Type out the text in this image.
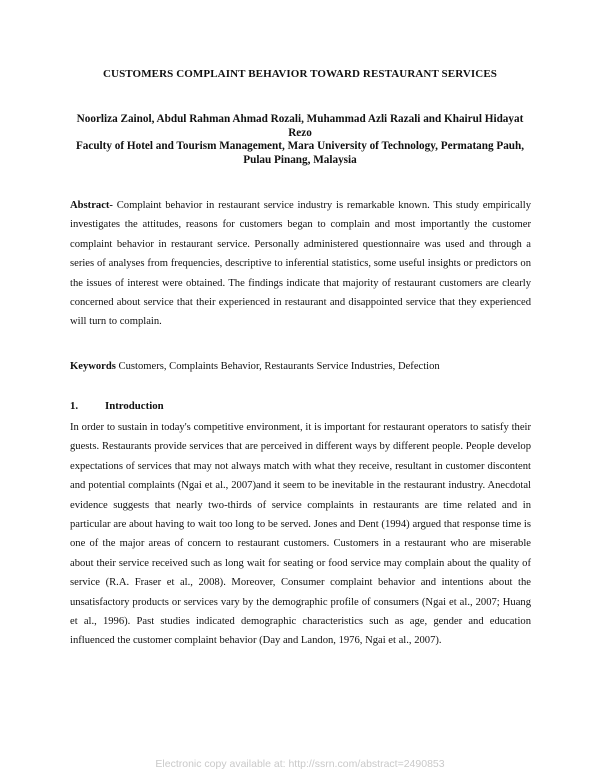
CUSTOMERS COMPLAINT BEHAVIOR TOWARD RESTAURANT SERVICES
Noorliza Zainol, Abdul Rahman Ahmad Rozali, Muhammad Azli Razali and Khairul Hidayat Rezo
Faculty of Hotel and Tourism Management, Mara University of Technology, Permatang Pauh, Pulau Pinang, Malaysia

Abstract- Complaint behavior in restaurant service industry is remarkable known. This study empirically investigates the attitudes, reasons for customers began to complain and most importantly the customer complaint behavior in restaurant service. Personally administered questionnaire was used and through a series of analyses from frequencies, descriptive to inferential statistics, some useful insights or predictors on the issues of interest were obtained. The findings indicate that majority of restaurant customers are clearly concerned about service that their experienced in restaurant and disappointed service that they experienced will turn to complain.

Keywords Customers, Complaints Behavior, Restaurants Service Industries, Defection

1. Introduction

In order to sustain in today's competitive environment, it is important for restaurant operators to satisfy their guests. Restaurants provide services that are perceived in different ways by different people. People develop expectations of services that may not always match with what they receive, resultant in customer discontent and potential complaints (Ngai et al., 2007)and it seem to be inevitable in the restaurant industry. Anecdotal evidence suggests that nearly two-thirds of service complaints in restaurants are time related and in particular are about having to wait too long to be served. Jones and Dent (1994) argued that response time is one of the major areas of concern to restaurant customers. Customers in a restaurant who are miserable about their service received such as long wait for seating or food service may complain about the quality of service (R.A. Fraser et al., 2008). Moreover, Consumer complaint behavior and intentions about the unsatisfactory products or services vary by the demographic profile of consumers (Ngai et al., 2007; Huang et al., 1996). Past studies indicated demographic characteristics such as age, gender and education influenced the customer complaint behavior (Day and Landon, 1976, Ngai et al., 2007).

Electronic copy available at: http://ssrn.com/abstract=2490853
